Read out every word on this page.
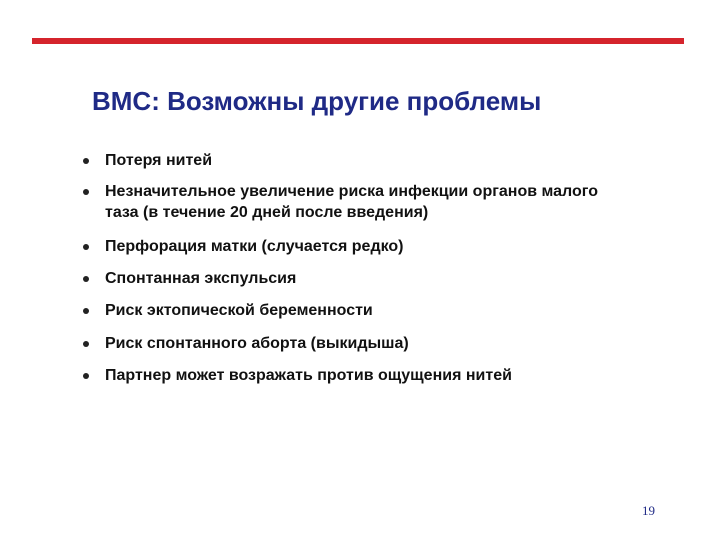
ВМС: Возможны другие проблемы
Потеря нитей
Незначительное увеличение риска инфекции органов малого таза (в течение 20 дней после введения)
Перфорация матки (случается редко)
Спонтанная экспульсия
Риск эктопической беременности
Риск спонтанного аборта (выкидыша)
Партнер может возражать против ощущения нитей
19
